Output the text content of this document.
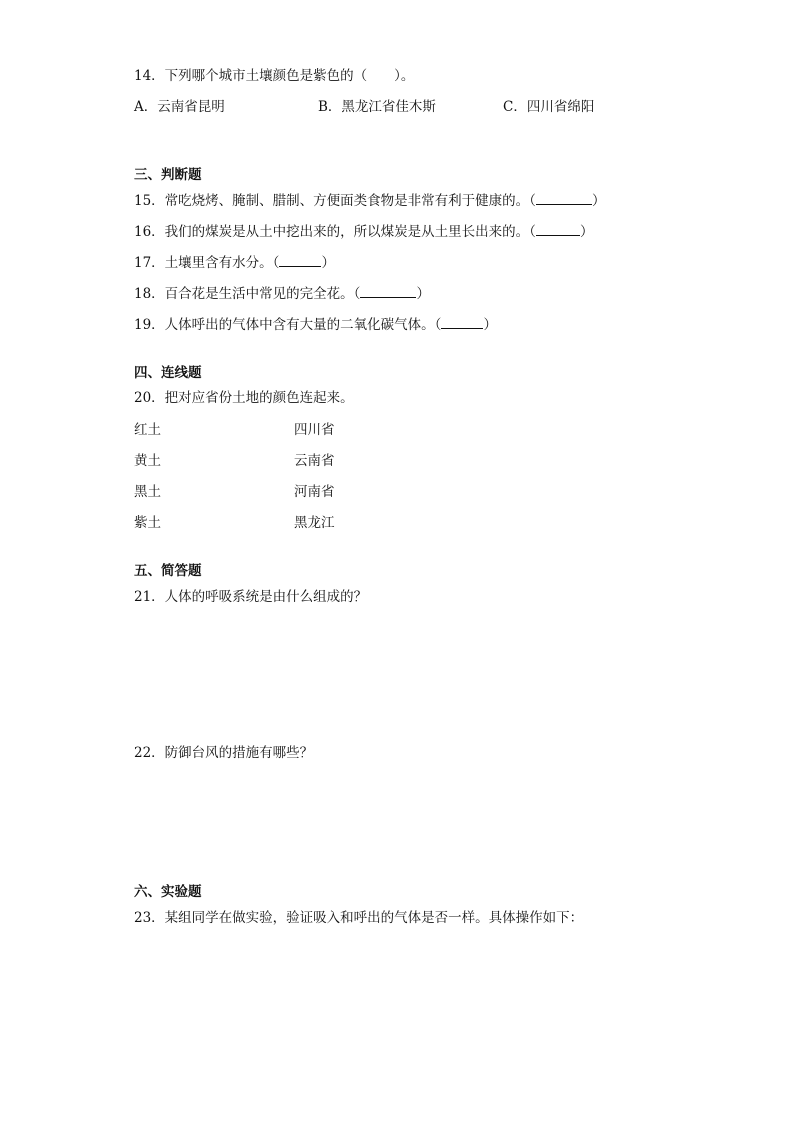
14．下列哪个城市土壤颜色是紫色的（　　）。
A．云南省昆明	B．黑龙江省佳木斯	C．四川省绵阳
三、判断题
15．常吃烧烤、腌制、腊制、方便面类食物是非常有利于健康的。（	）
16．我们的煤炭是从土中挖出来的，所以煤炭是从土里长出来的。（	）
17．土壤里含有水分。（	）
18．百合花是生活中常见的完全花。（	）
19．人体呼出的气体中含有大量的二氧化碳气体。（	）
四、连线题
20．把对应省份土地的颜色连起来。
红土	四川省
黄土	云南省
黑土	河南省
紫土	黑龙江
五、简答题
21．人体的呼吸系统是由什么组成的？
22．防御台风的措施有哪些？
六、实验题
23．某组同学在做实验，验证吸入和呼出的气体是否一样。具体操作如下：
